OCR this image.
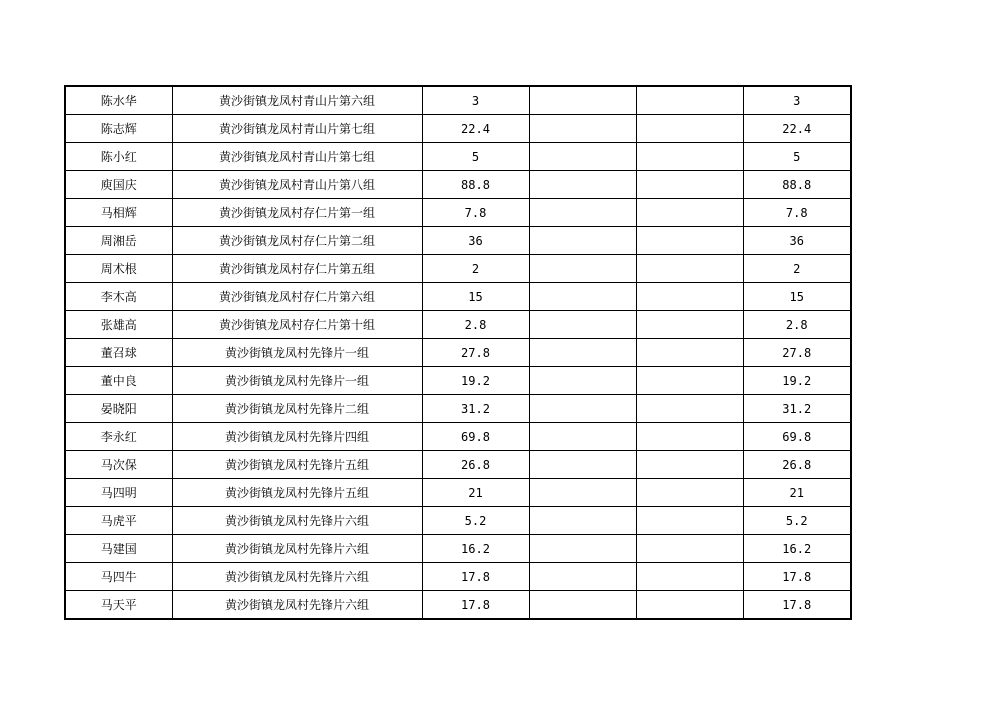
陈水华	黄沙街镇龙凤村青山片第六组	3			3
陈志辉	黄沙街镇龙凤村青山片第七组	22.4			22.4
陈小红	黄沙街镇龙凤村青山片第七组	5			5
庾国庆	黄沙街镇龙凤村青山片第八组	88.8			88.8
马相辉	黄沙街镇龙凤村存仁片第一组	7.8			7.8
周湘岳	黄沙街镇龙凤村存仁片第二组	36			36
周术根	黄沙街镇龙凤村存仁片第五组	2			2
李木高	黄沙街镇龙凤村存仁片第六组	15			15
张雄高	黄沙街镇龙凤村存仁片第十组	2.8			2.8
董召球	黄沙街镇龙凤村先锋片一组	27.8			27.8
董中良	黄沙街镇龙凤村先锋片一组	19.2			19.2
晏晓阳	黄沙街镇龙凤村先锋片二组	31.2			31.2
李永红	黄沙街镇龙凤村先锋片四组	69.8			69.8
马次保	黄沙街镇龙凤村先锋片五组	26.8			26.8
马四明	黄沙街镇龙凤村先锋片五组	21			21
马虎平	黄沙街镇龙凤村先锋片六组	5.2			5.2
马建国	黄沙街镇龙凤村先锋片六组	16.2			16.2
马四牛	黄沙街镇龙凤村先锋片六组	17.8			17.8
马天平	黄沙街镇龙凤村先锋片六组	17.8			17.8
